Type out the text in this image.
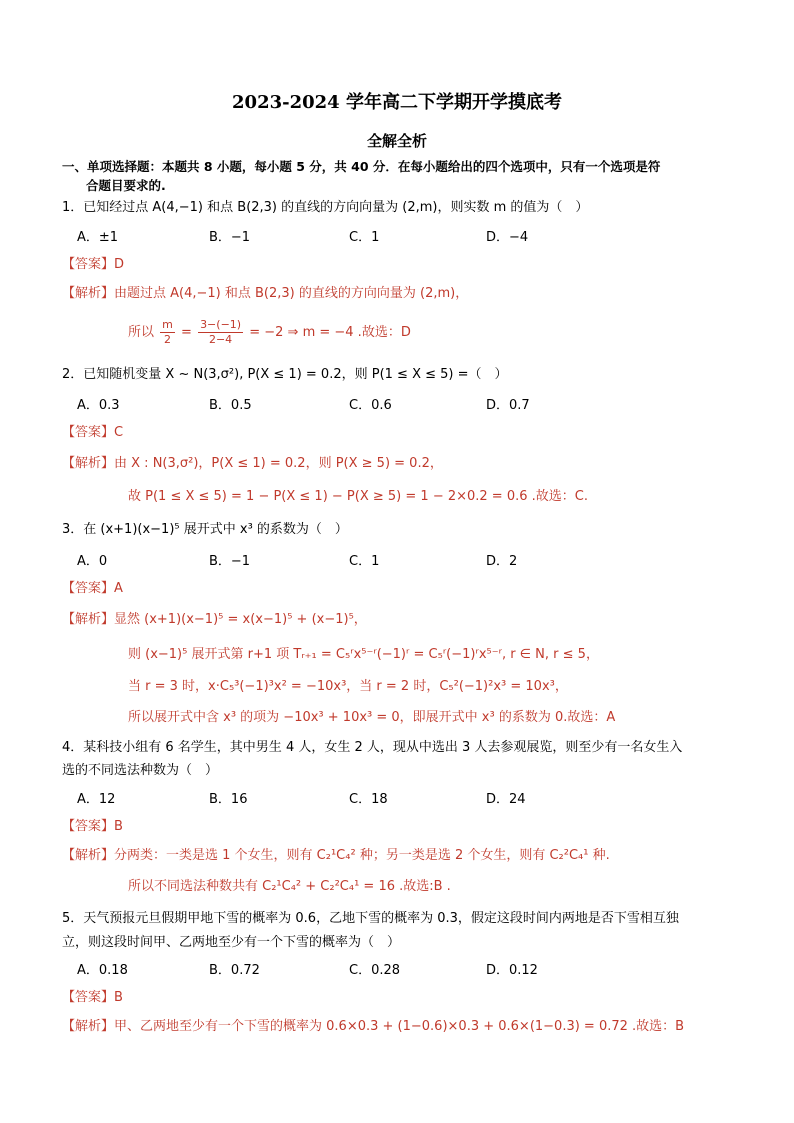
2023-2024 学年高二下学期开学摸底考
全解全析
一、单项选择题：本题共 8 小题，每小题 5 分，共 40 分．在每小题给出的四个选项中，只有一个选项是符
合题目要求的.
1．已知经过点 A(4,−1) 和点 B(2,3) 的直线的方向向量为 (2,m)，则实数 m 的值为（　）
A．±1	B．−1	C．1	D．−4
【答案】D
【解析】由题过点 A(4,−1) 和点 B(2,3) 的直线的方向向量为 (2,m)，
所以 $\frac{m}{2} = \frac{3-(-1)}{2-4} = -2$ ⇒ m = −4 .故选：D
2．已知随机变量 X ~ N(3,σ²), P(X ≤ 1) = 0.2，则 P(1 ≤ X ≤ 5) =（　）
A．0.3	B．0.5	C．0.6	D．0.7
【答案】C
【解析】由 X : N(3,σ²)，P(X ≤ 1) = 0.2，则 P(X ≥ 5) = 0.2，
故 P(1 ≤ X ≤ 5) = 1 − P(X ≤ 1) − P(X ≥ 5) = 1 − 2×0.2 = 0.6 .故选：C.
3．在 (x+1)(x−1)⁵ 展开式中 x³ 的系数为（　）
A．0	B．−1	C．1	D．2
【答案】A
【解析】显然 (x+1)(x−1)⁵ = x(x−1)⁵ + (x−1)⁵，
则 (x−1)⁵ 展开式第 r+1 项 Tᵣ₊₁ = C₅ʳx⁵⁻ʳ(−1)ʳ = C₅ʳ(−1)ʳx⁵⁻ʳ, r ∈ N, r ≤ 5，
当 r = 3 时，x·C₅³(−1)³x² = −10x³，当 r = 2 时，C₅²(−1)²x³ = 10x³，
所以展开式中含 x³ 的项为 −10x³ + 10x³ = 0，即展开式中 x³ 的系数为 0.故选：A
4．某科技小组有 6 名学生，其中男生 4 人，女生 2 人，现从中选出 3 人去参观展览，则至少有一名女生入
选的不同选法种数为（　）
A．12	B．16	C．18	D．24
【答案】B
【解析】分两类：一类是选 1 个女生，则有 C₂¹C₄² 种；另一类是选 2 个女生，则有 C₂²C₄¹ 种.
所以不同选法种数共有 C₂¹C₄² + C₂²C₄¹ = 16 .故选:B .
5．天气预报元旦假期甲地下雪的概率为 0.6，乙地下雪的概率为 0.3，假定这段时间内两地是否下雪相互独
立，则这段时间甲、乙两地至少有一个下雪的概率为（　）
A．0.18	B．0.72	C．0.28	D．0.12
【答案】B
【解析】甲、乙两地至少有一个下雪的概率为 0.6×0.3 + (1−0.6)×0.3 + 0.6×(1−0.3) = 0.72 .故选：B
